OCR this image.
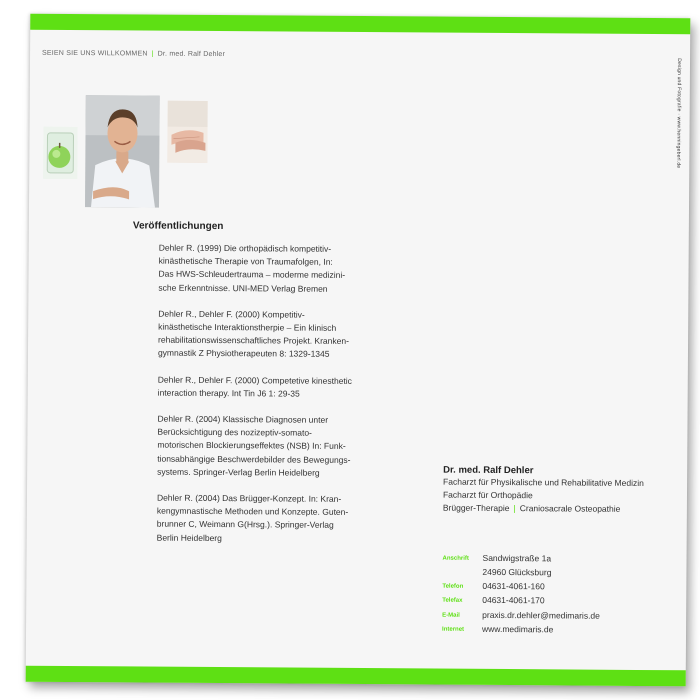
SEIEN SIE UNS WILLKOMMEN | Dr. med. Ralf Dehler
Design und Fotografie · www.henningeberl.de
Veröffentlichungen
Dehler R. (1999) Die orthopädisch kompetitiv-
kinästhetische Therapie von Traumafolgen, In:
Das HWS-Schleudertrauma – moderme medizini-
sche Erkenntnisse. UNI-MED Verlag Bremen
Dehler R., Dehler F. (2000) Kompetitiv-
kinästhetische Interaktionstherpie – Ein klinisch
rehabilitationswissenschaftliches Projekt. Kranken-
gymnastik Z Physiotherapeuten 8: 1329-1345
Dehler R., Dehler F. (2000) Competetive kinesthetic
interaction therapy. Int Tin J6 1: 29-35
Dehler R. (2004) Klassische Diagnosen unter
Berücksichtigung des nozizeptiv-somato-
motorischen Blockierungseffektes (NSB) In: Funk-
tionsabhängige Beschwerdebilder des Bewegungs-
systems. Springer-Verlag Berlin Heidelberg
Dehler R. (2004) Das Brügger-Konzept. In: Kran-
kengymnastische Methoden und Konzepte. Guten-
brunner C, Weimann G(Hrsg.). Springer-Verlag
Berlin Heidelberg
Dr. med. Ralf Dehler
Facharzt für Physikalische und Rehabilitative Medizin
Facharzt für Orthopädie
Brügger-Therapie | Craniosacrale Osteopathie
Anschrift	Sandwigstraße 1a
24960 Glücksburg
Telefon	04631-4061-160
Telefax	04631-4061-170
E-Mail	praxis.dr.dehler@medimaris.de
Internet	www.medimaris.de
